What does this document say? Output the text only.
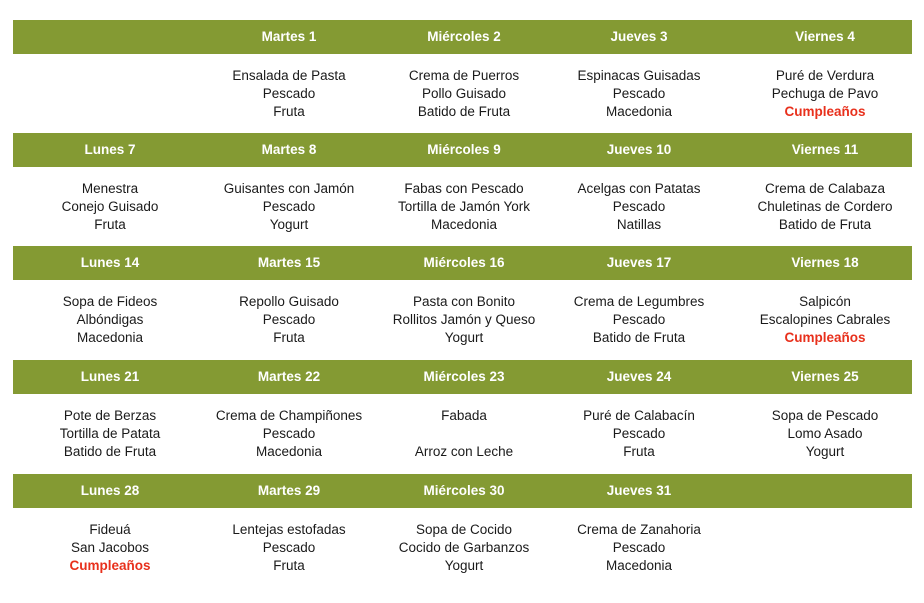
Martes 1
Ensalada de Pasta
Pescado
Fruta
Miércoles 2
Crema de Puerros
Pollo Guisado
Batido de Fruta
Jueves 3
Espinacas Guisadas
Pescado
Macedonia
Viernes 4
Puré de Verdura
Pechuga de Pavo
Cumpleaños
Lunes 7
Menestra
Conejo Guisado
Fruta
Martes 8
Guisantes con Jamón
Pescado
Yogurt
Miércoles 9
Fabas con Pescado
Tortilla de Jamón York
Macedonia
Jueves 10
Acelgas con Patatas
Pescado
Natillas
Viernes 11
Crema de Calabaza
Chuletinas de Cordero
Batido de Fruta
Lunes 14
Sopa de Fideos
Albóndigas
Macedonia
Martes 15
Repollo Guisado
Pescado
Fruta
Miércoles 16
Pasta con Bonito
Rollitos Jamón y Queso
Yogurt
Jueves 17
Crema de Legumbres
Pescado
Batido de Fruta
Viernes 18
Salpicón
Escalopines Cabrales
Cumpleaños
Lunes 21
Pote de Berzas
Tortilla de Patata
Batido de Fruta
Martes 22
Crema de Champiñones
Pescado
Macedonia
Miércoles 23
Fabada
Arroz con Leche
Jueves 24
Puré de Calabacín
Pescado
Fruta
Viernes 25
Sopa de Pescado
Lomo Asado
Yogurt
Lunes 28
Fideuá
San Jacobos
Cumpleaños
Martes 29
Lentejas estofadas
Pescado
Fruta
Miércoles 30
Sopa de Cocido
Cocido de Garbanzos
Yogurt
Jueves 31
Crema de Zanahoria
Pescado
Macedonia
